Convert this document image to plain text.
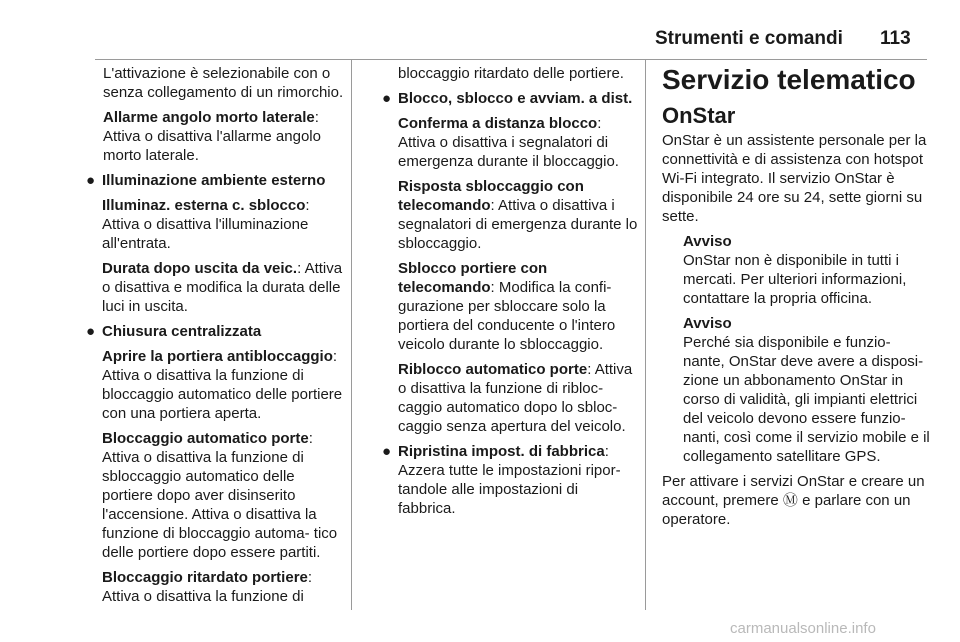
Strumenti e comandi 113

L'attivazione è selezionabile con o senza collegamento di un rimorchio.

Allarme angolo morto laterale: Attiva o disattiva l'allarme angolo morto laterale.

● Illuminazione ambiente esterno

Illuminaz. esterna c. sblocco: Attiva o disattiva l'illuminazione all'entrata.

Durata dopo uscita da veic.: Attiva o disattiva e modifica la durata delle luci in uscita.

● Chiusura centralizzata

Aprire la portiera antibloccaggio: Attiva o disattiva la funzione di bloccaggio automatico delle portiere con una portiera aperta.

Bloccaggio automatico porte: Attiva o disattiva la funzione di sbloccaggio automatico delle portiere dopo aver disinserito l'accensione. Attiva o disattiva la funzione di bloccaggio automa- tico delle portiere dopo essere partiti.

Bloccaggio ritardato portiere: Attiva o disattiva la funzione di

bloccaggio ritardato delle portiere.

● Blocco, sblocco e avviam. a dist.

Conferma a distanza blocco: Attiva o disattiva i segnalatori di emergenza durante il bloccaggio.

Risposta sbloccaggio con telecomando: Attiva o disattiva i segnalatori di emergenza durante lo sbloccaggio.

Sblocco portiere con telecomando: Modifica la confi- gurazione per sbloccare solo la portiera del conducente o l'intero veicolo durante lo sbloccaggio.

Riblocco automatico porte: Attiva o disattiva la funzione di ribloc- caggio automatico dopo lo sbloc- caggio senza apertura del veicolo.

● Ripristina impost. di fabbrica: Azzera tutte le impostazioni ripor- tandole alle impostazioni di fabbrica.

Servizio telematico
OnStar

OnStar è un assistente personale per la connettività e di assistenza con hotspot Wi-Fi integrato. Il servizio OnStar è disponibile 24 ore su 24, sette giorni su sette.

Avviso
OnStar non è disponibile in tutti i mercati. Per ulteriori informazioni, contattare la propria officina.
Avviso
Perché sia disponibile e funzio- nante, OnStar deve avere a disposi- zione un abbonamento OnStar in corso di validità, gli impianti elettrici del veicolo devono essere funzio- nanti, così come il servizio mobile e il collegamento satellitare GPS.

Per attivare i servizi OnStar e creare un account, premere Ⓜ e parlare con un operatore.

carmanualsonline.info
